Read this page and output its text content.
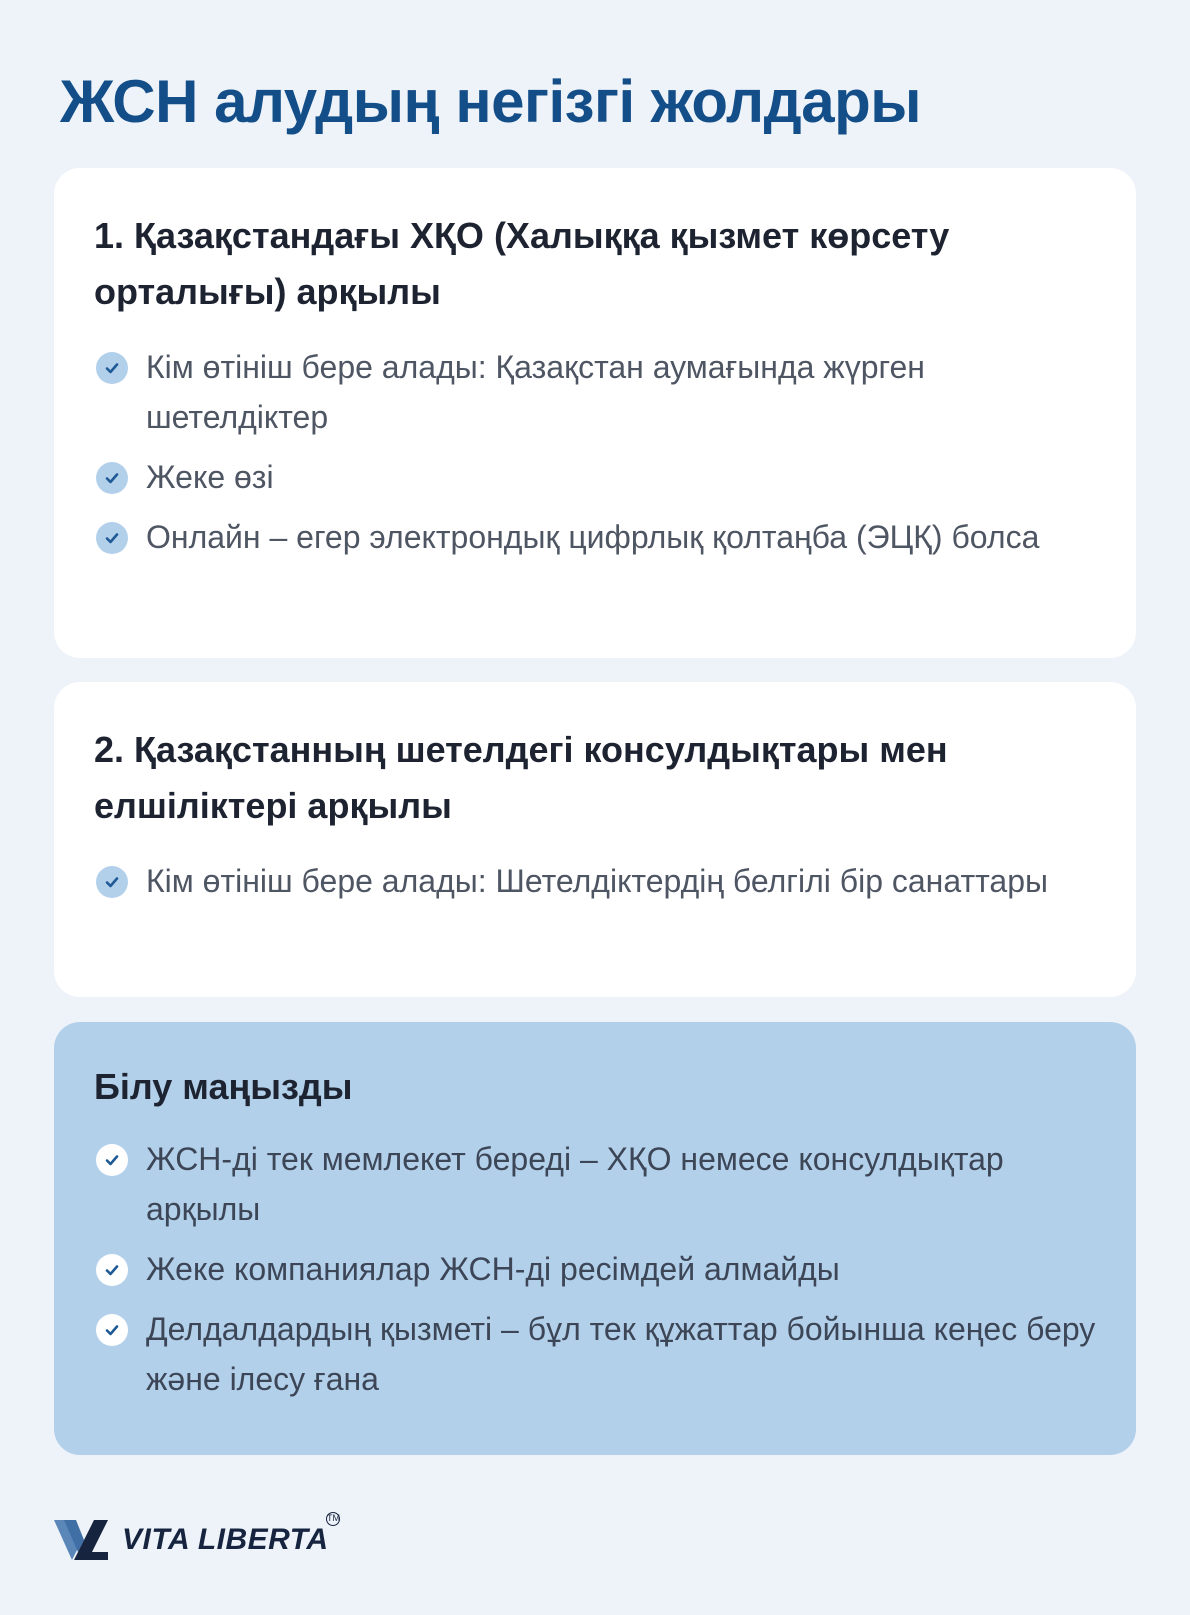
ЖСН алудың негізгі жолдары
1. Қазақстандағы ХҚО (Халыққа қызмет көрсету орталығы) арқылы
Кім өтініш бере алады: Қазақстан аумағында жүрген шетелдіктер
Жеке өзі
Онлайн – егер электрондық цифрлық қолтаңба (ЭЦҚ) болса
2. Қазақстанның шетелдегі консулдықтары мен елшіліктері арқылы
Кім өтініш бере алады: Шетелдіктердің белгілі бір санаттары
Білу маңызды
ЖСН-ді тек мемлекет береді – ХҚО немесе консулдықтар арқылы
Жеке компаниялар ЖСН-ді ресімдей алмайды
Делдалдардың қызметі – бұл тек құжаттар бойынша кеңес беру және ілесу ғана
VITA LIBERTA
TM
